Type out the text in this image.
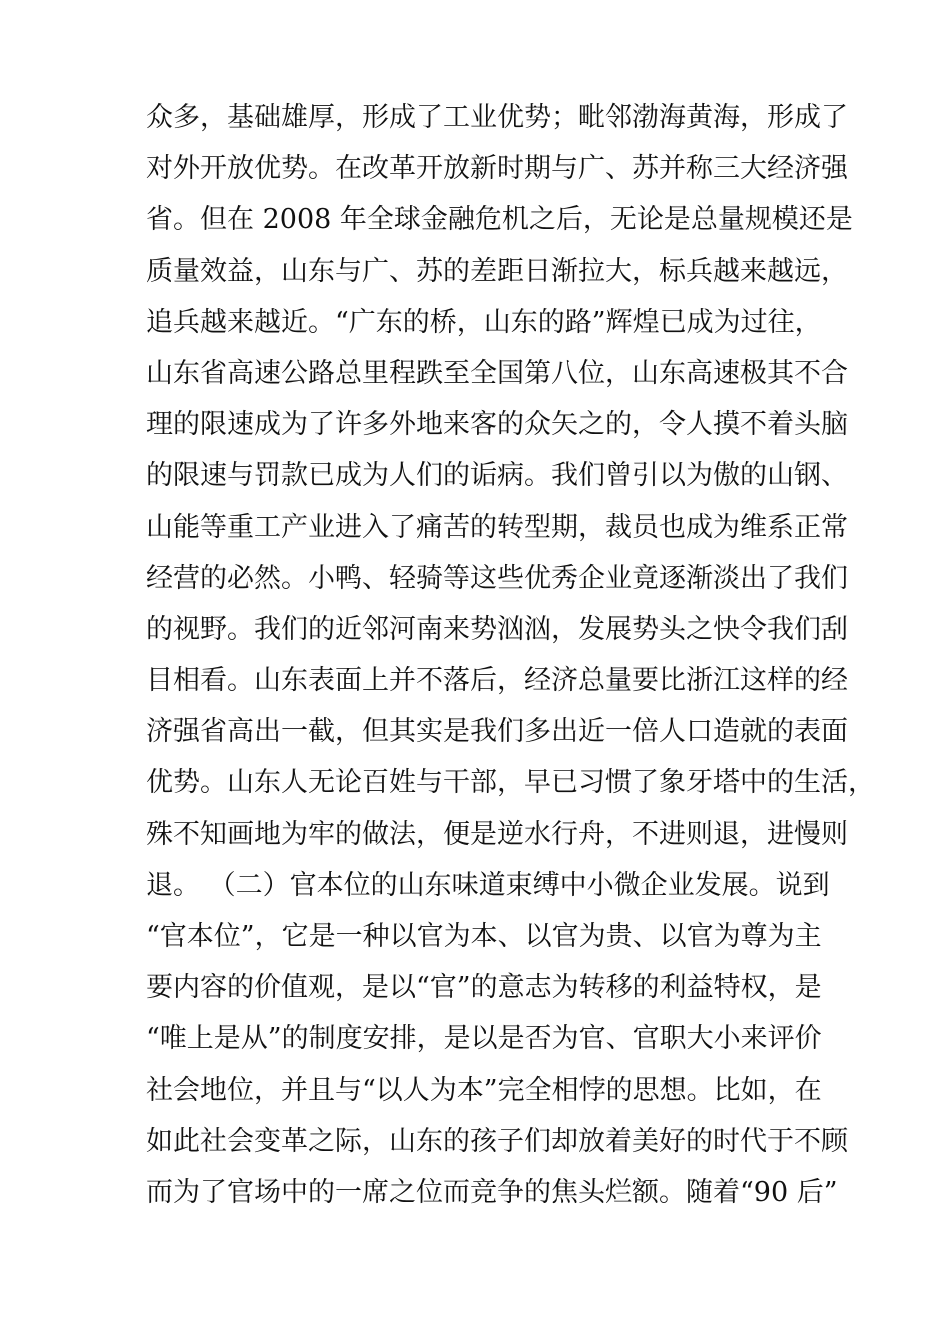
众多，基础雄厚，形成了工业优势；毗邻渤海黄海，形成了
对外开放优势。在改革开放新时期与广、苏并称三大经济强
省。但在 2008 年全球金融危机之后，无论是总量规模还是
质量效益，山东与广、苏的差距日渐拉大，标兵越来越远，
追兵越来越近。“广东的桥，山东的路”辉煌已成为过往，
山东省高速公路总里程跌至全国第八位，山东高速极其不合
理的限速成为了许多外地来客的众矢之的，令人摸不着头脑
的限速与罚款已成为人们的诟病。我们曾引以为傲的山钢、
山能等重工产业进入了痛苦的转型期，裁员也成为维系正常
经营的必然。小鸭、轻骑等这些优秀企业竟逐渐淡出了我们
的视野。我们的近邻河南来势汹汹，发展势头之快令我们刮
目相看。山东表面上并不落后，经济总量要比浙江这样的经
济强省高出一截，但其实是我们多出近一倍人口造就的表面
优势。山东人无论百姓与干部，早已习惯了象牙塔中的生活，
殊不知画地为牢的做法，便是逆水行舟，不进则退，进慢则
退。 （二）官本位的山东味道束缚中小微企业发展。说到
“官本位”，它是一种以官为本、以官为贵、以官为尊为主
要内容的价值观，是以“官”的意志为转移的利益特权，是
“唯上是从”的制度安排，是以是否为官、官职大小来评价
社会地位，并且与“以人为本”完全相悖的思想。比如，在
如此社会变革之际，山东的孩子们却放着美好的时代于不顾
而为了官场中的一席之位而竞争的焦头烂额。随着“90 后”
